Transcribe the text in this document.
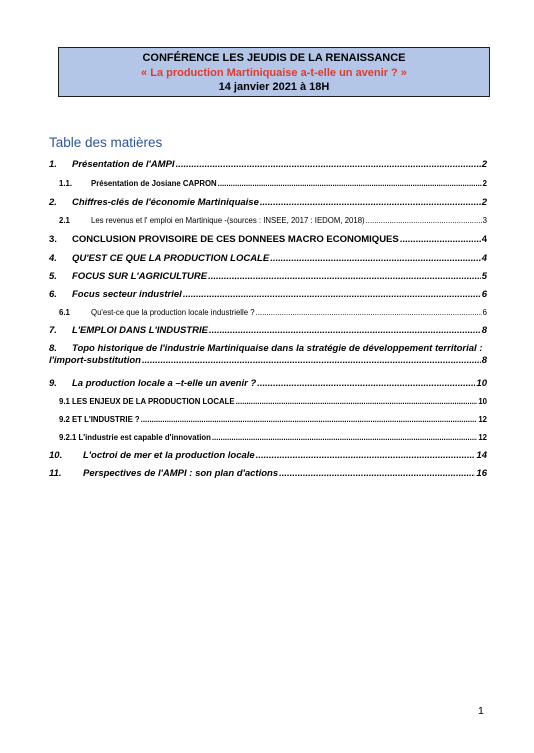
CONFÉRENCE LES JEUDIS DE LA RENAISSANCE
« La production Martiniquaise a-t-elle un avenir ? »
14 janvier 2021 à 18H
Table des matières
1.	Présentation de l'AMPI .....	2
1.1.	Présentation de Josiane CAPRON .....	2
2.	Chiffres-clés de l'économie Martiniquaise .....	2
2.1	Les revenus et l' emploi en Martinique -(sources : INSEE, 2017 : IEDOM, 2018) .....	3
3.	CONCLUSION PROVISOIRE DE CES DONNEES MACRO ECONOMIQUES .....	4
4.	QU'EST CE QUE LA PRODUCTION LOCALE .....	4
5.	FOCUS SUR L'AGRICULTURE .....	5
6.	Focus secteur industriel .....	6
6.1	Qu'est-ce que la production locale industrielle ? .....	6
7.	L'EMPLOI DANS L'INDUSTRIE .....	8
8. Topo historique de l'industrie Martiniquaise dans la stratégie de développement territorial :
l'import-substitution .....	8
9.	La production locale a –t-elle un avenir ? .....	10
9.1 LES ENJEUX DE LA PRODUCTION LOCALE .....	10
9.2 ET L'INDUSTRIE ? .....	12
9.2.1 L'industrie est capable d'innovation .....	12
10.	L'octroi de mer et la production locale .....	14
11.	Perspectives de l'AMPI : son plan d'actions .....	16
1
